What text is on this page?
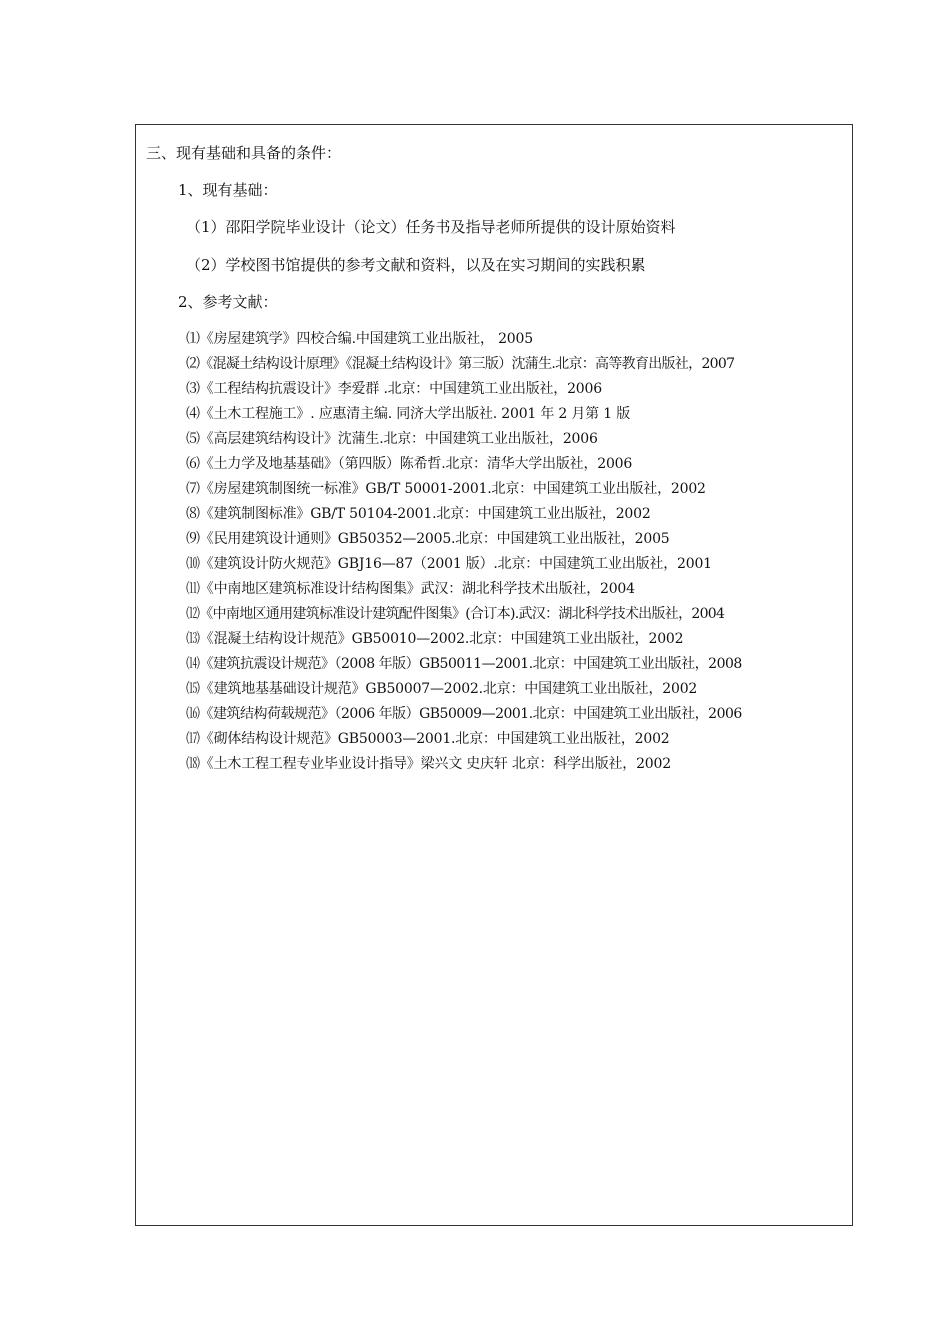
三、现有基础和具备的条件：
1、现有基础：
（1）邵阳学院毕业设计（论文）任务书及指导老师所提供的设计原始资料
（2）学校图书馆提供的参考文献和资料，以及在实习期间的实践积累
2、参考文献：
⑴《房屋建筑学》四校合编.中国建筑工业出版社， 2005
⑵《混凝土结构设计原理》《混凝土结构设计》第三版）沈蒲生.北京：高等教育出版社，2007
⑶《工程结构抗震设计》李爱群 .北京：中国建筑工业出版社，2006
⑷《土木工程施工》. 应惠清主编. 同济大学出版社. 2001 年 2 月第 1 版
⑸《高层建筑结构设计》沈蒲生.北京：中国建筑工业出版社，2006
⑹《土力学及地基基础》（第四版）陈希哲.北京：清华大学出版社，2006
⑺《房屋建筑制图统一标准》GB/T 50001-2001.北京：中国建筑工业出版社，2002
⑻《建筑制图标准》GB/T 50104-2001.北京：中国建筑工业出版社，2002
⑼《民用建筑设计通则》GB50352—2005.北京：中国建筑工业出版社，2005
⑽《建筑设计防火规范》GBJ16—87（2001 版）.北京：中国建筑工业出版社，2001
⑾《中南地区建筑标准设计结构图集》武汉：湖北科学技术出版社，2004
⑿《中南地区通用建筑标准设计建筑配件图集》(合订本).武汉：湖北科学技术出版社，2004
⒀《混凝土结构设计规范》GB50010—2002.北京：中国建筑工业出版社，2002
⒁《建筑抗震设计规范》（2008 年版）GB50011—2001.北京：中国建筑工业出版社，2008
⒂《建筑地基基础设计规范》GB50007—2002.北京：中国建筑工业出版社，2002
⒃《建筑结构荷载规范》（2006 年版）GB50009—2001.北京：中国建筑工业出版社，2006
⒄《砌体结构设计规范》GB50003—2001.北京：中国建筑工业出版社，2002
⒅《土木工程工程专业毕业设计指导》梁兴文 史庆轩 北京：科学出版社，2002
